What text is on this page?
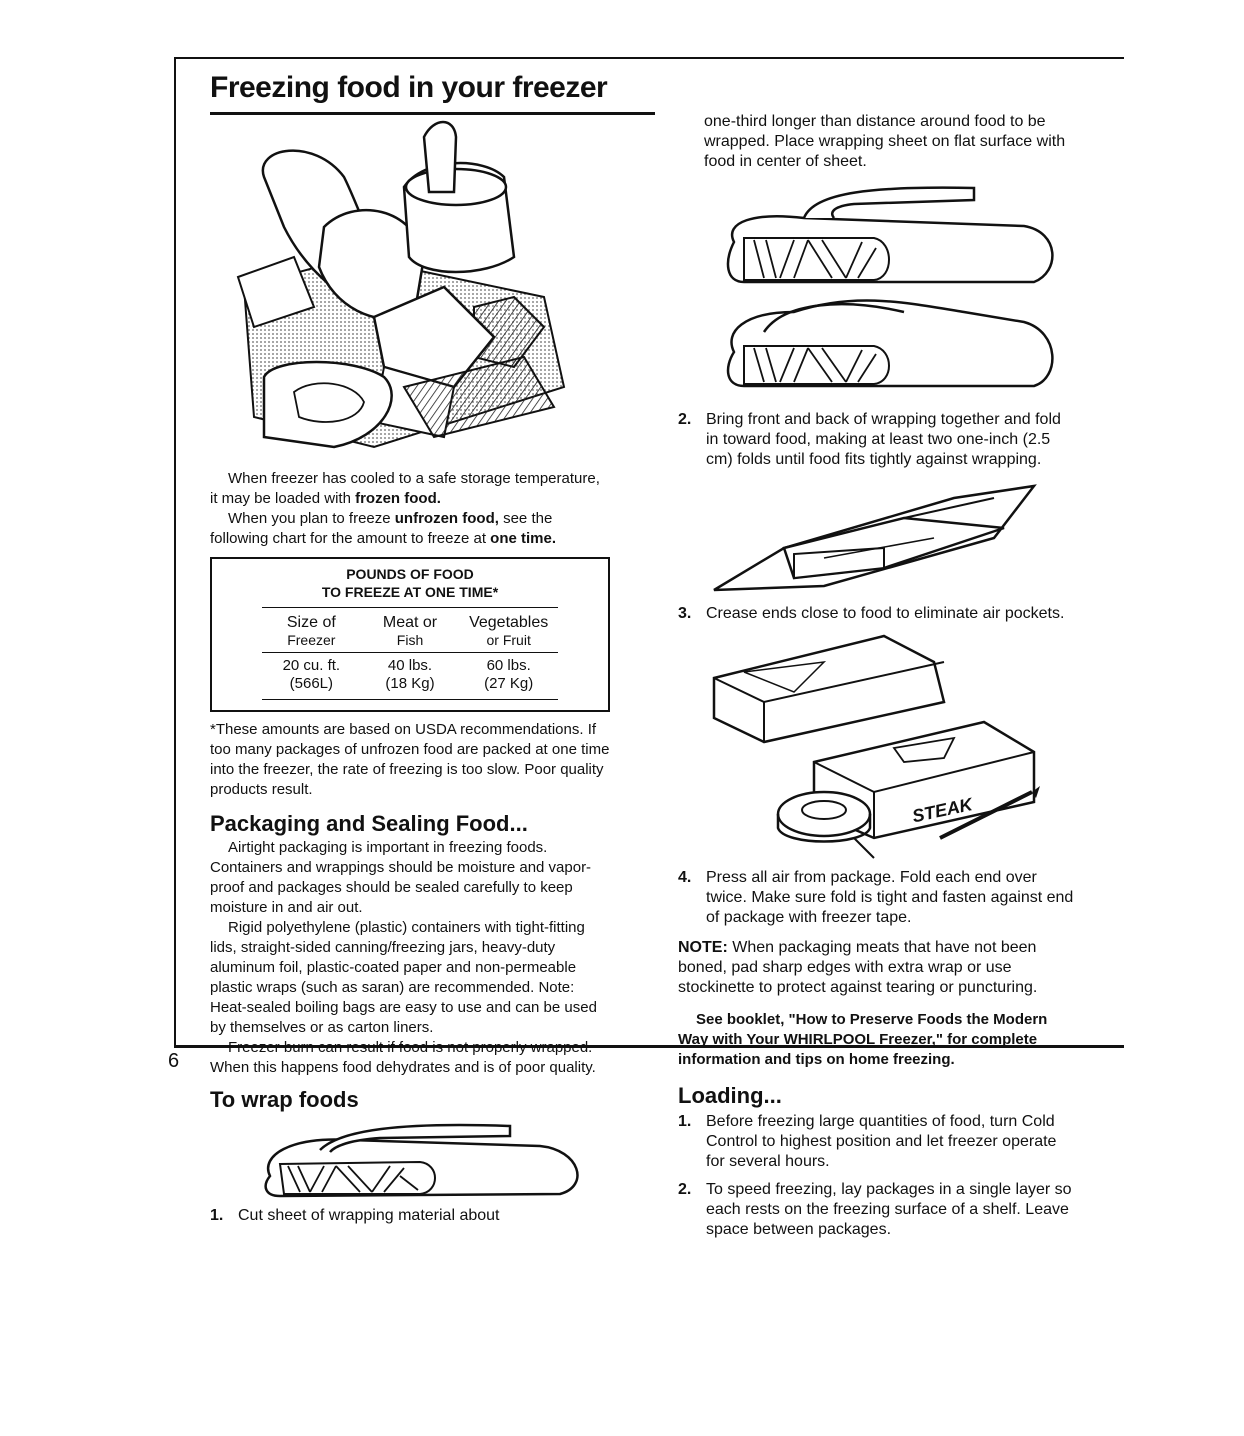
6
Freezing food in your freezer

When freezer has cooled to a safe storage temperature, it may be loaded with frozen food.

When you plan to freeze unfrozen food, see the following chart for the amount to freeze at one time.

POUNDS OF FOOD
TO FREEZE AT ONE TIME*
Size of	Meat or	Vegetables
Freezer	Fish	or Fruit
20 cu. ft.	40 lbs.	60 lbs.
(566L)	(18 Kg)	(27 Kg)

*These amounts are based on USDA recommendations. If too many packages of unfrozen food are packed at one time into the freezer, the rate of freezing is too slow. Poor quality products result.

Packaging and Sealing Food...

Airtight packaging is important in freezing foods. Containers and wrappings should be moisture and vapor-proof and packages should be sealed carefully to keep moisture in and air out.

Rigid polyethylene (plastic) containers with tight-fitting lids, straight-sided canning/freezing jars, heavy-duty aluminum foil, plastic-coated paper and non-permeable plastic wraps (such as saran) are recommended. Note: Heat-sealed boiling bags are easy to use and can be used by themselves or as carton liners.

Freezer burn can result if food is not properly wrapped. When this happens food dehydrates and is of poor quality.

To wrap foods
1. Cut sheet of wrapping material about

one-third longer than distance around food to be wrapped. Place wrapping sheet on flat surface with food in center of sheet.

2. Bring front and back of wrapping together and fold in toward food, making at least two one-inch (2.5 cm) folds until food fits tightly against wrapping.
3. Crease ends close to food to eliminate air pockets.
STEAK
4. Press all air from package. Fold each end over twice. Make sure fold is tight and fasten against end of package with freezer tape.

NOTE: When packaging meats that have not been boned, pad sharp edges with extra wrap or use stockinette to protect against tearing or puncturing.

See booklet, "How to Preserve Foods the Modern Way with Your WHIRLPOOL Freezer," for complete information and tips on home freezing.

Loading...
1. Before freezing large quantities of food, turn Cold Control to highest position and let freezer operate for several hours.
2. To speed freezing, lay packages in a single layer so each rests on the freezing surface of a shelf. Leave space between packages.
